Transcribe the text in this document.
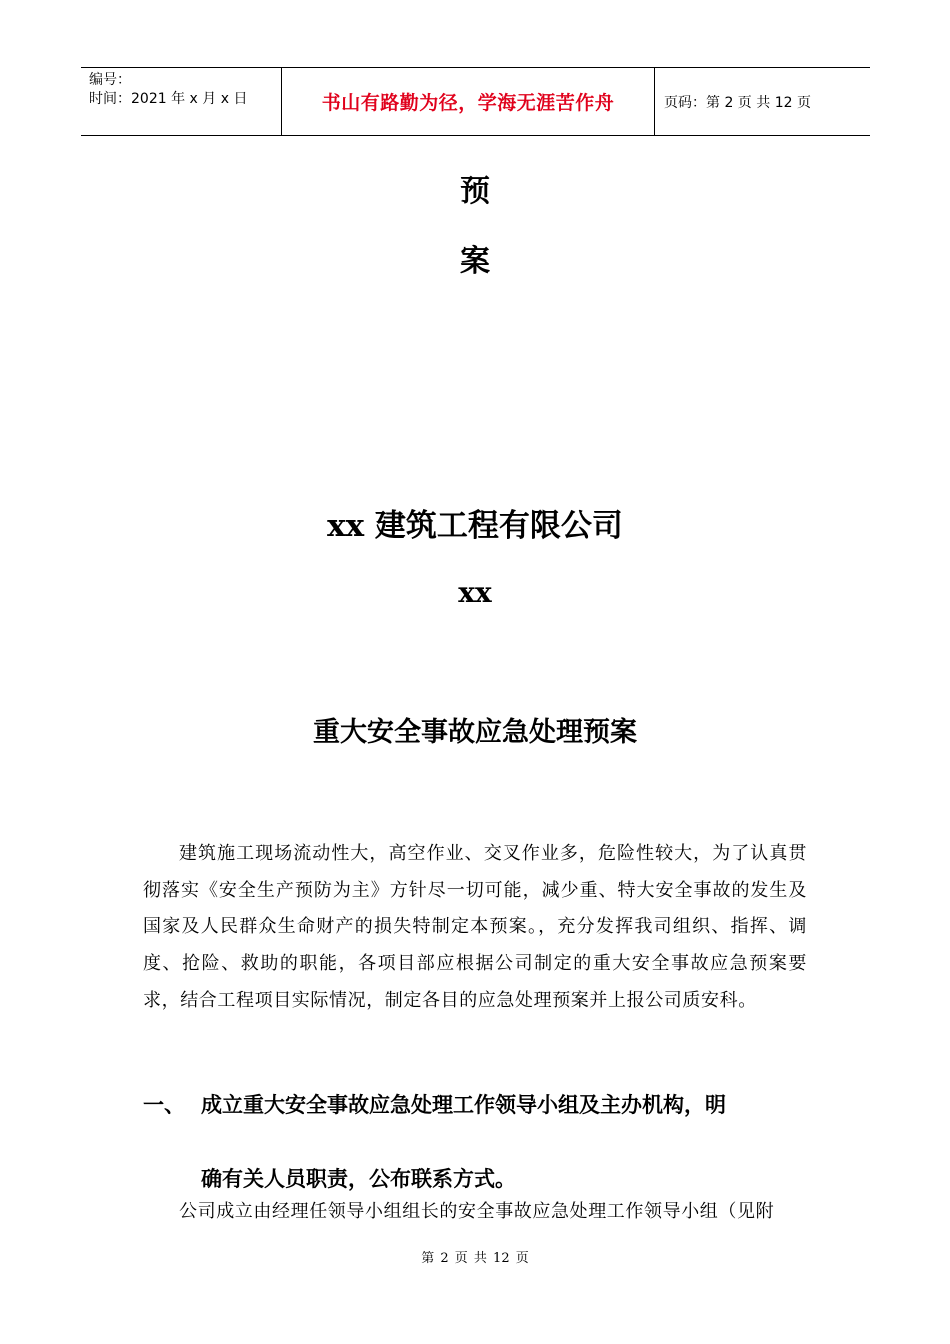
编号：
时间：2021 年 x 月 x 日	书山有路勤为径，学海无涯苦作舟	页码：第 2 页 共 12 页
预
案
xx 建筑工程有限公司
xx
重大安全事故应急处理预案
建筑施工现场流动性大，高空作业、交叉作业多，危险性较大，为了认真贯彻落实《安全生产预防为主》方针尽一切可能，减少重、特大安全事故的发生及国家及人民群众生命财产的损失特制定本预案。，充分发挥我司组织、指挥、调度、抢险、救助的职能，各项目部应根据公司制定的重大安全事故应急预案要求，结合工程项目实际情况，制定各目的应急处理预案并上报公司质安科。
一、 成立重大安全事故应急处理工作领导小组及主办机构，明
确有关人员职责，公布联系方式。
公司成立由经理任领导小组组长的安全事故应急处理工作领导小组（见附
第 2 页 共 12 页
